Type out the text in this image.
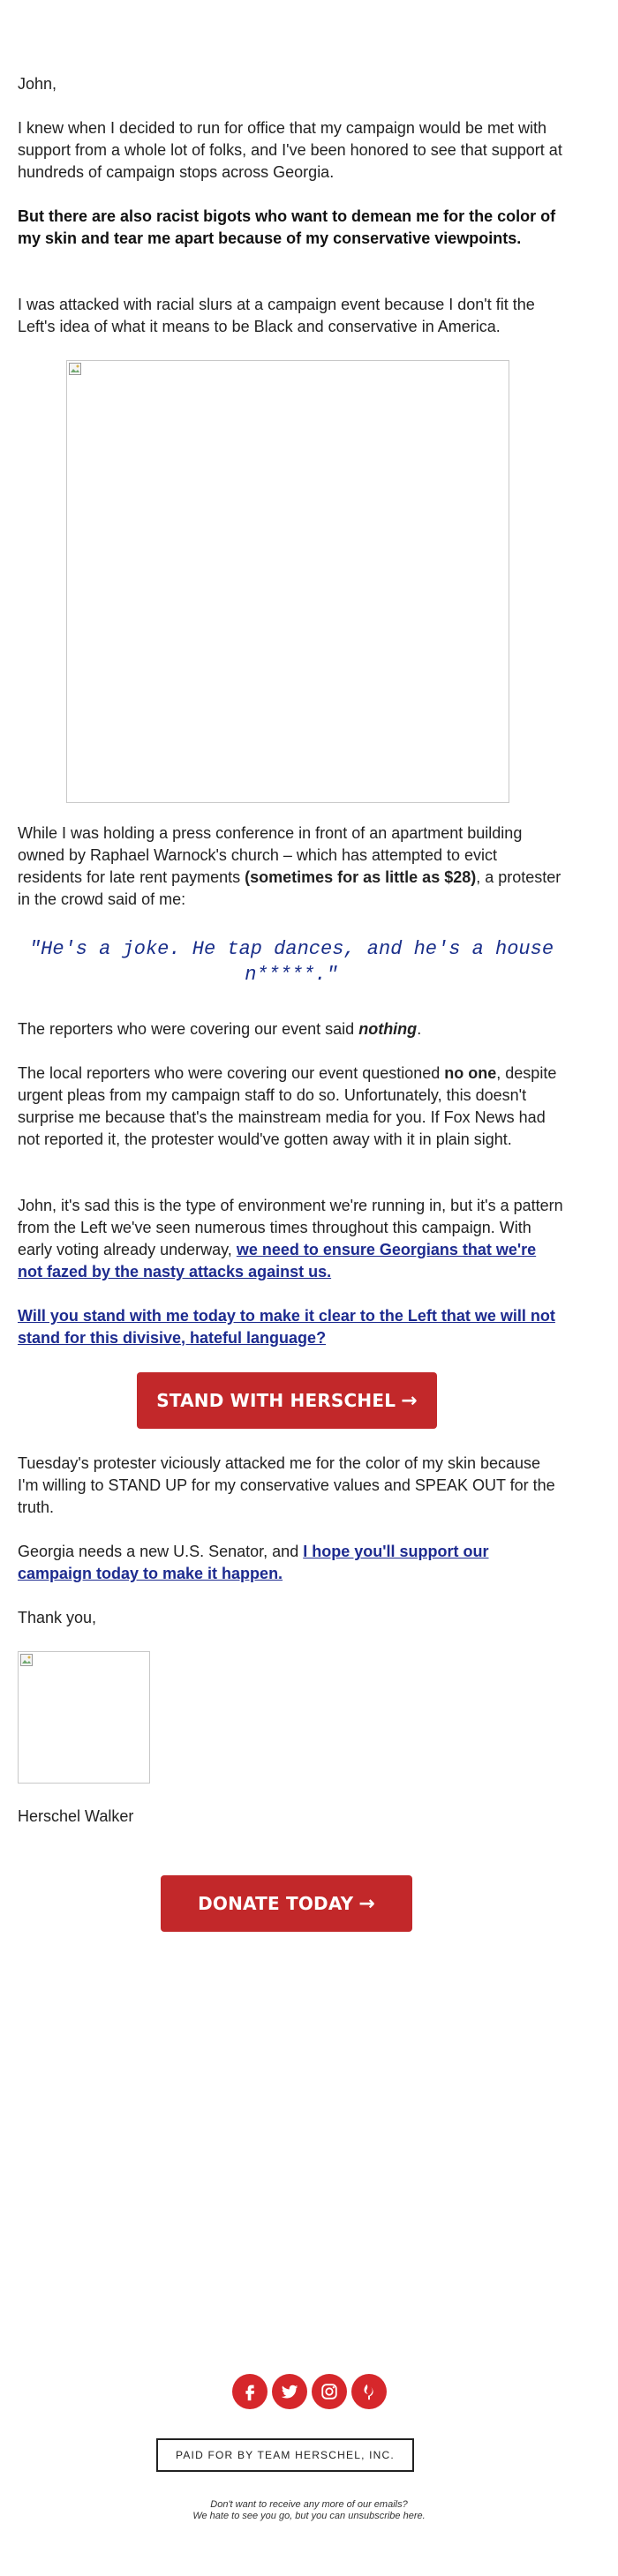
John,

I knew when I decided to run for office that my campaign would be met with support from a whole lot of folks, and I've been honored to see that support at hundreds of campaign stops across Georgia.

But there are also racist bigots who want to demean me for the color of my skin and tear me apart because of my conservative viewpoints.

I was attacked with racial slurs at a campaign event because I don't fit the Left's idea of what it means to be Black and conservative in America.

While I was holding a press conference in front of an apartment building owned by Raphael Warnock's church – which has attempted to evict residents for late rent payments (sometimes for as little as $28), a protester in the crowd said of me:

"He's a joke. He tap dances, and he's a house n*****."

The reporters who were covering our event said nothing.

The local reporters who were covering our event questioned no one, despite urgent pleas from my campaign staff to do so. Unfortunately, this doesn't surprise me because that's the mainstream media for you. If Fox News had not reported it, the protester would've gotten away with it in plain sight.

John, it's sad this is the type of environment we're running in, but it's a pattern from the Left we've seen numerous times throughout this campaign. With early voting already underway, we need to ensure Georgians that we're not fazed by the nasty attacks against us.

Will you stand with me today to make it clear to the Left that we will not stand for this divisive, hateful language?

STAND WITH HERSCHEL →

Tuesday's protester viciously attacked me for the color of my skin because I'm willing to STAND UP for my conservative values and SPEAK OUT for the truth.

Georgia needs a new U.S. Senator, and I hope you'll support our campaign today to make it happen.

Thank you,

Herschel Walker

DONATE TODAY →
PAID FOR BY TEAM HERSCHEL, INC.

Don't want to receive any more of our emails?

We hate to see you go, but you can unsubscribe here.
